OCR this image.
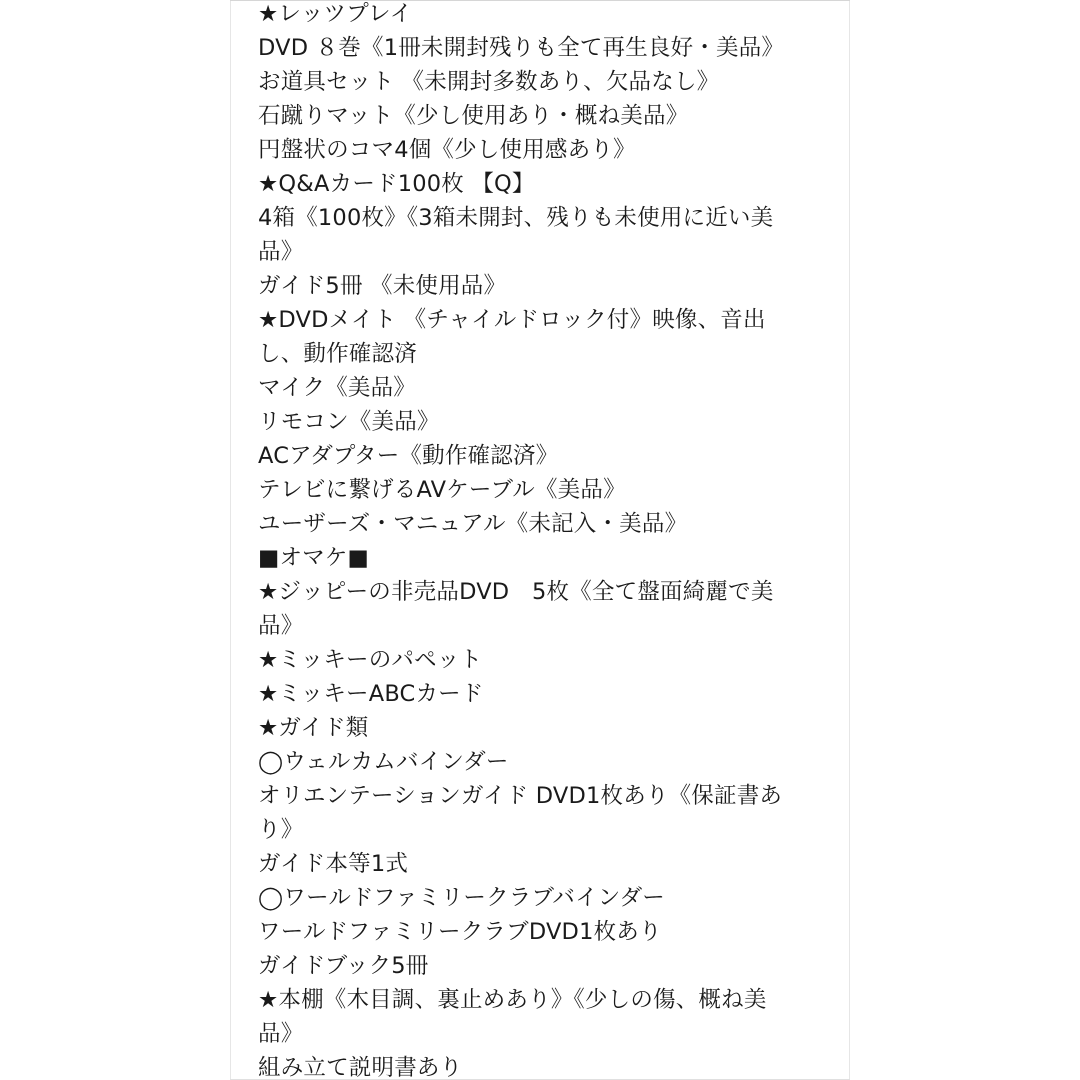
★レッツプレイ
DVD ８巻《1冊未開封残りも全て再生良好・美品》
お道具セット 《未開封多数あり、欠品なし》
石蹴りマット《少し使用あり・概ね美品》
円盤状のコマ4個《少し使用感あり》
★Q&Aカード100枚 【Q】
4箱《100枚》《3箱未開封、残りも未使用に近い美
品》
ガイド5冊 《未使用品》
★DVDメイト 《チャイルドロック付》映像、音出
し、動作確認済
マイク《美品》
リモコン《美品》
ACアダプター《動作確認済》
テレビに繋げるAVケーブル《美品》
ユーザーズ・マニュアル《未記入・美品》
■オマケ■
★ジッピーの非売品DVD　5枚《全て盤面綺麗で美
品》
★ミッキーのパペット
★ミッキーABCカード
★ガイド類
◯ウェルカムバインダー
オリエンテーションガイド DVD1枚あり《保証書あ
り》
ガイド本等1式
◯ワールドファミリークラブバインダー
ワールドファミリークラブDVD1枚あり
ガイドブック5冊
★本棚《木目調、裏止めあり》《少しの傷、概ね美
品》
組み立て説明書あり
